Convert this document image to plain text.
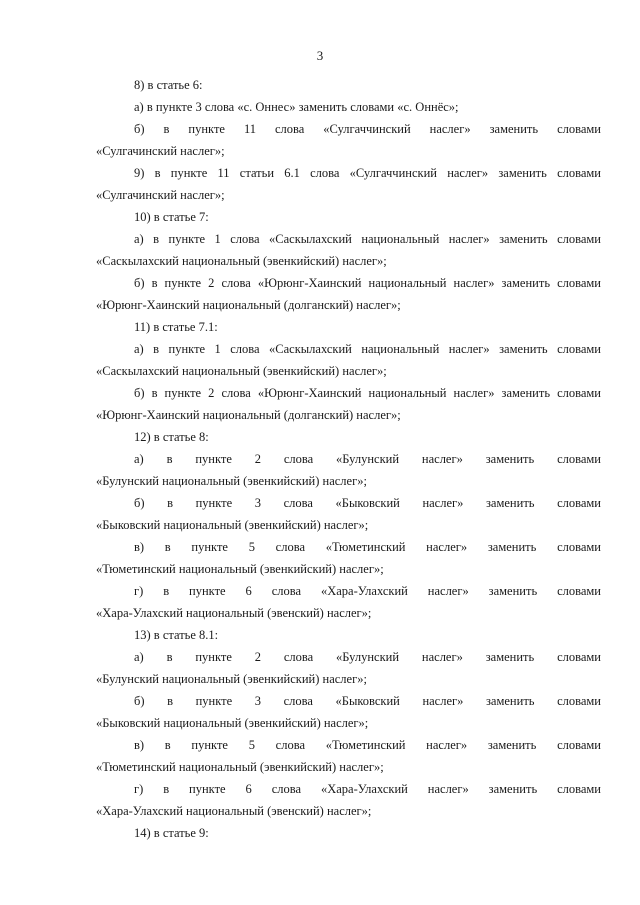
3
8) в статье 6:
а) в пункте 3 слова «с. Оннес» заменить словами «с. Оннёс»;
б) в пункте 11 слова «Сулгаччинский наслег» заменить словами
«Сулгачинский наслег»;
9) в пункте 11 статьи 6.1 слова «Сулгаччинский наслег» заменить словами
«Сулгачинский наслег»;
10) в статье 7:
а) в пункте 1 слова «Саскылахский национальный наслег» заменить словами
«Саскылахский национальный (эвенкийский) наслег»;
б) в пункте 2 слова «Юрюнг-Хаинский национальный наслег» заменить словами
«Юрюнг-Хаинский национальный (долганский) наслег»;
11) в статье 7.1:
а) в пункте 1 слова «Саскылахский национальный наслег» заменить словами
«Саскылахский национальный (эвенкийский) наслег»;
б) в пункте 2 слова «Юрюнг-Хаинский национальный наслег» заменить словами
«Юрюнг-Хаинский национальный (долганский) наслег»;
12) в статье 8:
а) в пункте 2 слова «Булунский наслег» заменить словами
«Булунский национальный (эвенкийский) наслег»;
б) в пункте 3 слова «Быковский наслег» заменить словами
«Быковский национальный (эвенкийский) наслег»;
в) в пункте 5 слова «Тюметинский наслег» заменить словами
«Тюметинский национальный (эвенкийский) наслег»;
г) в пункте 6 слова «Хара-Улахский наслег» заменить словами
«Хара-Улахский национальный (эвенский) наслег»;
13) в статье 8.1:
а) в пункте 2 слова «Булунский наслег» заменить словами
«Булунский национальный (эвенкийский) наслег»;
б) в пункте 3 слова «Быковский наслег» заменить словами
«Быковский национальный (эвенкийский) наслег»;
в) в пункте 5 слова «Тюметинский наслег» заменить словами
«Тюметинский национальный (эвенкийский) наслег»;
г) в пункте 6 слова «Хара-Улахский наслег» заменить словами
«Хара-Улахский национальный (эвенский) наслег»;
14) в статье 9:
